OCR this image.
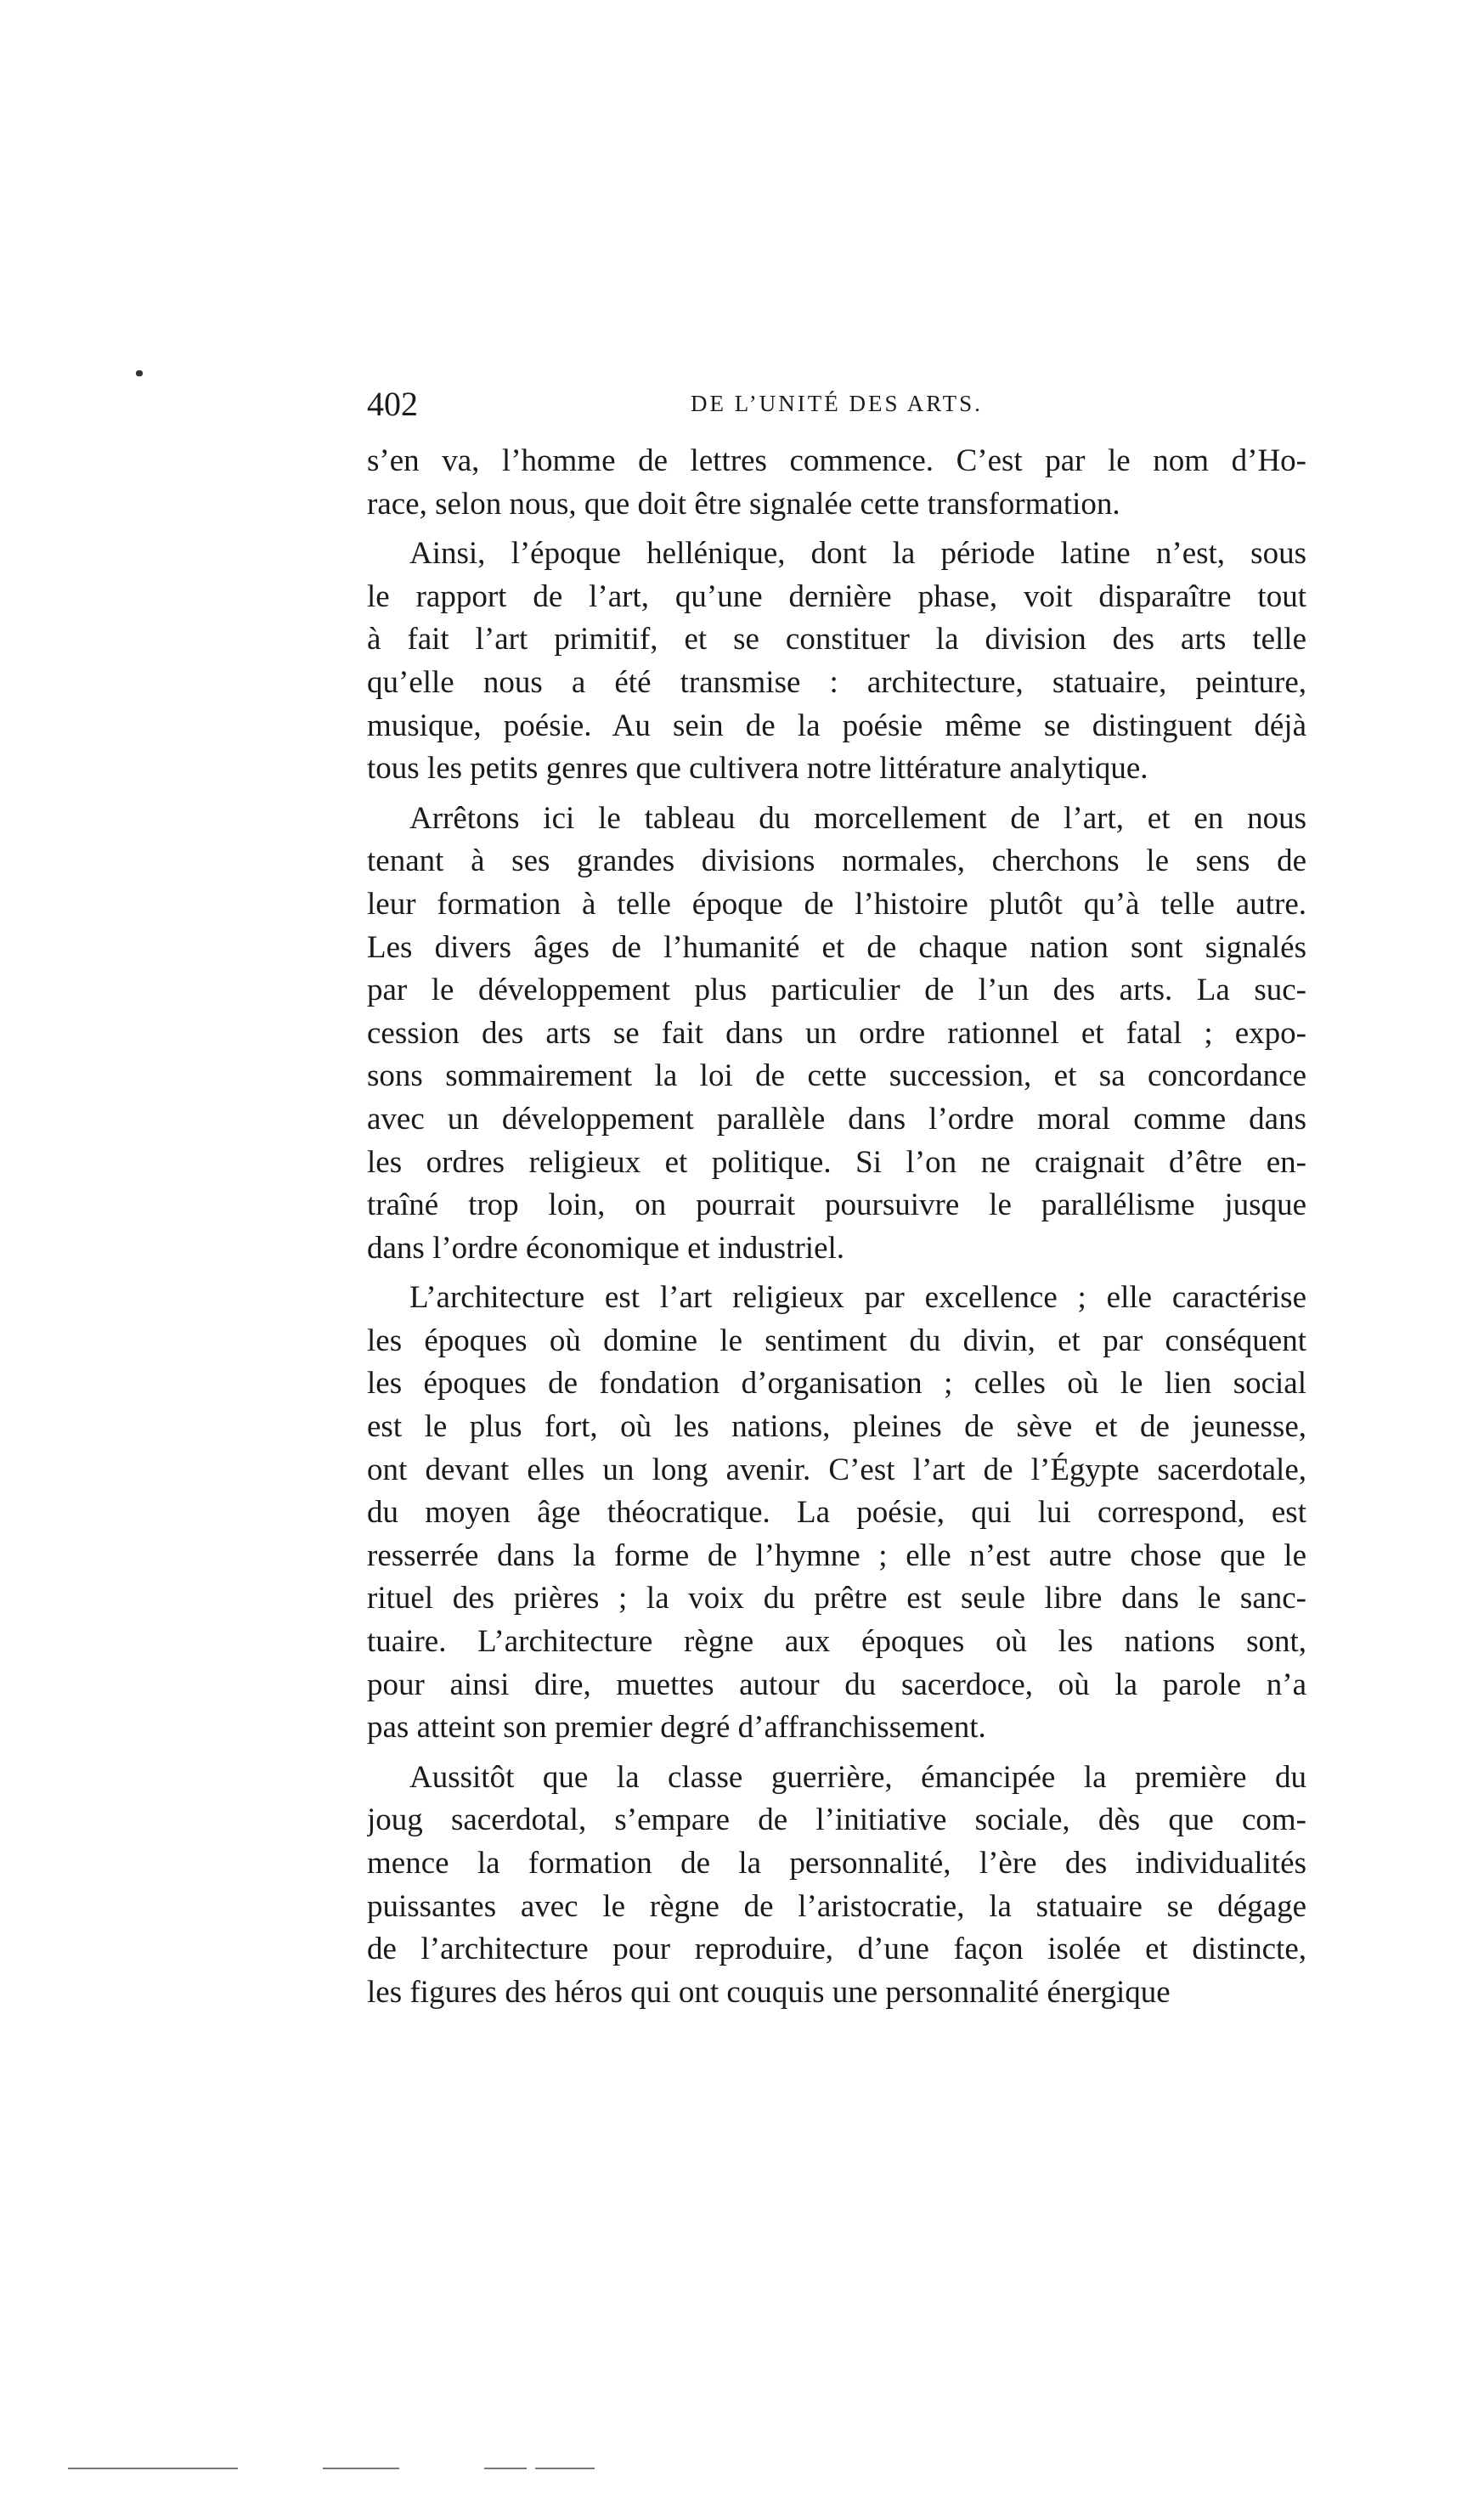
402	DE L’UNITÉ DES ARTS.
s’en va, l’homme de lettres commence. C’est par le nom d’Ho-
race, selon nous, que doit être signalée cette transformation.
Ainsi, l’époque hellénique, dont la période latine n’est, sous
le rapport de l’art, qu’une dernière phase, voit disparaître tout
à fait l’art primitif, et se constituer la division des arts telle
qu’elle nous a été transmise : architecture, statuaire, peinture,
musique, poésie. Au sein de la poésie même se distinguent déjà
tous les petits genres que cultivera notre littérature analytique.
Arrêtons ici le tableau du morcellement de l’art, et en nous
tenant à ses grandes divisions normales, cherchons le sens de
leur formation à telle époque de l’histoire plutôt qu’à telle autre.
Les divers âges de l’humanité et de chaque nation sont signalés
par le développement plus particulier de l’un des arts. La suc-
cession des arts se fait dans un ordre rationnel et fatal ; expo-
sons sommairement la loi de cette succession, et sa concordance
avec un développement parallèle dans l’ordre moral comme dans
les ordres religieux et politique. Si l’on ne craignait d’être en-
traîné trop loin, on pourrait poursuivre le parallélisme jusque
dans l’ordre économique et industriel.
L’architecture est l’art religieux par excellence ; elle caractérise
les époques où domine le sentiment du divin, et par conséquent
les époques de fondation d’organisation ; celles où le lien social
est le plus fort, où les nations, pleines de sève et de jeunesse,
ont devant elles un long avenir. C’est l’art de l’Égypte sacerdotale,
du moyen âge théocratique. La poésie, qui lui correspond, est
resserrée dans la forme de l’hymne ; elle n’est autre chose que le
rituel des prières ; la voix du prêtre est seule libre dans le sanc-
tuaire. L’architecture règne aux époques où les nations sont,
pour ainsi dire, muettes autour du sacerdoce, où la parole n’a
pas atteint son premier degré d’affranchissement.
Aussitôt que la classe guerrière, émancipée la première du
joug sacerdotal, s’empare de l’initiative sociale, dès que com-
mence la formation de la personnalité, l’ère des individualités
puissantes avec le règne de l’aristocratie, la statuaire se dégage
de l’architecture pour reproduire, d’une façon isolée et distincte,
les figures des héros qui ont couquis une personnalité énergique
